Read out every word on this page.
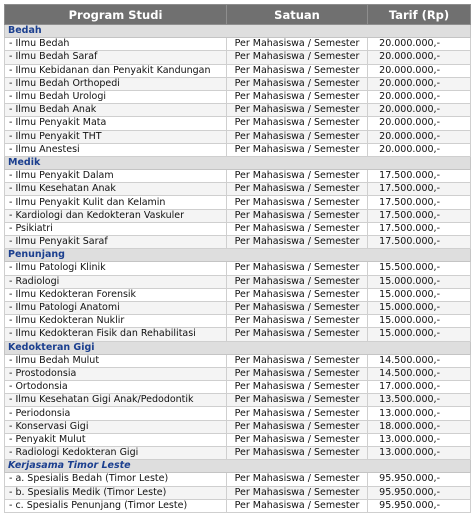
Program Studi	Satuan	Tarif (Rp)
Bedah		
- Ilmu Bedah	Per Mahasiswa / Semester	20.000.000,-
- Ilmu Bedah Saraf	Per Mahasiswa / Semester	20.000.000,-
- Ilmu Kebidanan dan Penyakit Kandungan	Per Mahasiswa / Semester	20.000.000,-
- Ilmu Bedah Orthopedi	Per Mahasiswa / Semester	20.000.000,-
- Ilmu Bedah Urologi	Per Mahasiswa / Semester	20.000.000,-
- Ilmu Bedah Anak	Per Mahasiswa / Semester	20.000.000,-
- Ilmu Penyakit Mata	Per Mahasiswa / Semester	20.000.000,-
- Ilmu Penyakit THT	Per Mahasiswa / Semester	20.000.000,-
- Ilmu Anestesi	Per Mahasiswa / Semester	20.000.000,-
Medik		
- Ilmu Penyakit Dalam	Per Mahasiswa / Semester	17.500.000,-
- Ilmu Kesehatan Anak	Per Mahasiswa / Semester	17.500.000,-
- Ilmu Penyakit Kulit dan Kelamin	Per Mahasiswa / Semester	17.500.000,-
- Kardiologi dan Kedokteran Vaskuler	Per Mahasiswa / Semester	17.500.000,-
- Psikiatri	Per Mahasiswa / Semester	17.500.000,-
- Ilmu Penyakit Saraf	Per Mahasiswa / Semester	17.500.000,-
Penunjang		
- Ilmu Patologi Klinik	Per Mahasiswa / Semester	15.500.000,-
- Radiologi	Per Mahasiswa / Semester	15.000.000,-
- Ilmu Kedokteran Forensik	Per Mahasiswa / Semester	15.000.000,-
- Ilmu Patologi Anatomi	Per Mahasiswa / Semester	15.000.000,-
- Ilmu Kedokteran Nuklir	Per Mahasiswa / Semester	15.000.000,-
- Ilmu Kedokteran Fisik dan Rehabilitasi	Per Mahasiswa / Semester	15.000.000,-
Kedokteran Gigi		
- Ilmu Bedah Mulut	Per Mahasiswa / Semester	14.500.000,-
- Prostodonsia	Per Mahasiswa / Semester	14.500.000,-
- Ortodonsia	Per Mahasiswa / Semester	17.000.000,-
- Ilmu Kesehatan Gigi Anak/Pedodontik	Per Mahasiswa / Semester	13.500.000,-
- Periodonsia	Per Mahasiswa / Semester	13.000.000,-
- Konservasi Gigi	Per Mahasiswa / Semester	18.000.000,-
- Penyakit Mulut	Per Mahasiswa / Semester	13.000.000,-
- Radiologi Kedokteran Gigi	Per Mahasiswa / Semester	13.000.000,-
Kerjasama Timor Leste		
- a. Spesialis Bedah (Timor Leste)	Per Mahasiswa / Semester	95.950.000,-
- b. Spesialis Medik (Timor Leste)	Per Mahasiswa / Semester	95.950.000,-
- c. Spesialis Penunjang (Timor Leste)	Per Mahasiswa / Semester	95.950.000,-
